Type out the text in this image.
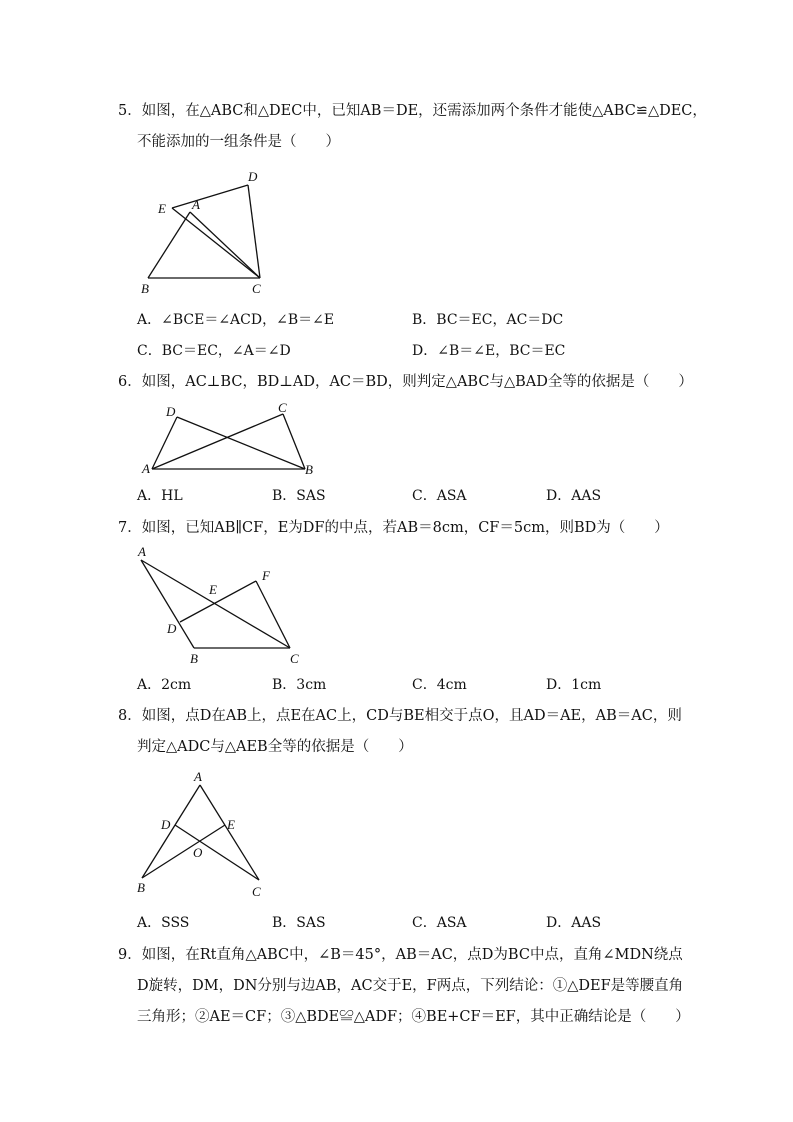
5．如图，在△ABC和△DEC中，已知AB＝DE，还需添加两个条件才能使△ABC≌△DEC，
不能添加的一组条件是（　　）
D
E A
B	C
A．∠BCE＝∠ACD，∠B＝∠E	B．BC＝EC，AC＝DC
C．BC＝EC，∠A＝∠D	D．∠B＝∠E，BC＝EC
6．如图，AC⊥BC，BD⊥AD，AC＝BD，则判定△ABC与△BAD全等的依据是（　　）
D	C
A	B
A．HL	B．SAS	C．ASA	D．AAS
7．如图，已知AB∥CF，E为DF的中点，若AB＝8cm，CF＝5cm，则BD为（　　）
A
E
F
D
B	C
A．2cm	B．3cm	C．4cm	D．1cm
8．如图，点D在AB上，点E在AC上，CD与BE相交于点O，且AD＝AE，AB＝AC，则
判定△ADC与△AEB全等的依据是（　　）
A
D	E
O
B	C
A．SSS	B．SAS	C．ASA	D．AAS
9．如图，在Rt直角△ABC中，∠B＝45°，AB＝AC，点D为BC中点，直角∠MDN绕点
D旋转，DM，DN分别与边AB，AC交于E，F两点，下列结论：①△DEF是等腰直角
三角形；②AE＝CF；③△BDE≌△ADF；④BE+CF＝EF，其中正确结论是（　　）
